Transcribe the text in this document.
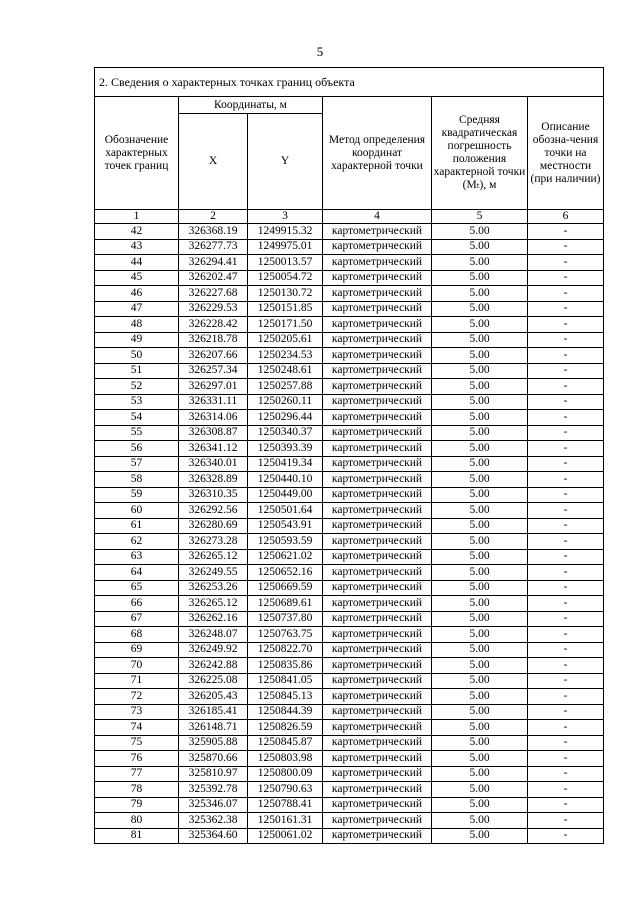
5
2. Сведения о характерных точках границ объекта					
Обозначение характерных точек границ	Координаты, м		Метод определения координат характерной точки	Средняя квадратическая погрешность положения характерной точки (Mₜ), м	Описание обозна-чения точки на местности (при наличии)
	X	Y			
1	2	3	4	5	6
42	326368.19	1249915.32	картометрический	5.00	-
43	326277.73	1249975.01	картометрический	5.00	-
44	326294.41	1250013.57	картометрический	5.00	-
45	326202.47	1250054.72	картометрический	5.00	-
46	326227.68	1250130.72	картометрический	5.00	-
47	326229.53	1250151.85	картометрический	5.00	-
48	326228.42	1250171.50	картометрический	5.00	-
49	326218.78	1250205.61	картометрический	5.00	-
50	326207.66	1250234.53	картометрический	5.00	-
51	326257.34	1250248.61	картометрический	5.00	-
52	326297.01	1250257.88	картометрический	5.00	-
53	326331.11	1250260.11	картометрический	5.00	-
54	326314.06	1250296.44	картометрический	5.00	-
55	326308.87	1250340.37	картометрический	5.00	-
56	326341.12	1250393.39	картометрический	5.00	-
57	326340.01	1250419.34	картометрический	5.00	-
58	326328.89	1250440.10	картометрический	5.00	-
59	326310.35	1250449.00	картометрический	5.00	-
60	326292.56	1250501.64	картометрический	5.00	-
61	326280.69	1250543.91	картометрический	5.00	-
62	326273.28	1250593.59	картометрический	5.00	-
63	326265.12	1250621.02	картометрический	5.00	-
64	326249.55	1250652.16	картометрический	5.00	-
65	326253.26	1250669.59	картометрический	5.00	-
66	326265.12	1250689.61	картометрический	5.00	-
67	326262.16	1250737.80	картометрический	5.00	-
68	326248.07	1250763.75	картометрический	5.00	-
69	326249.92	1250822.70	картометрический	5.00	-
70	326242.88	1250835.86	картометрический	5.00	-
71	326225.08	1250841.05	картометрический	5.00	-
72	326205.43	1250845.13	картометрический	5.00	-
73	326185.41	1250844.39	картометрический	5.00	-
74	326148.71	1250826.59	картометрический	5.00	-
75	325905.88	1250845.87	картометрический	5.00	-
76	325870.66	1250803.98	картометрический	5.00	-
77	325810.97	1250800.09	картометрический	5.00	-
78	325392.78	1250790.63	картометрический	5.00	-
79	325346.07	1250788.41	картометрический	5.00	-
80	325362.38	1250161.31	картометрический	5.00	-
81	325364.60	1250061.02	картометрический	5.00	-
